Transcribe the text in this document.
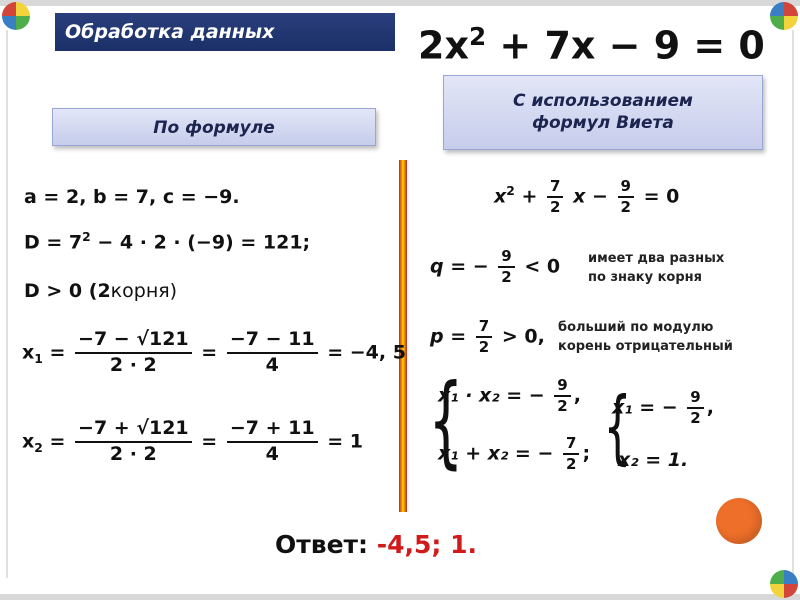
Обработка данных	$2x^2 + 7x - 9 = 0$
По формуле
С использованием
формул Виета
a = 2, b = 7, c = −9.
$D = 7^2 - 4 \cdot 2 \cdot (-9) = 121$;
D > 0 (2корня)
$x_1 = \frac{-7 - √121}{2 \cdot 2} = \frac{-7 - 11}{4} = -4$, 5
$x_2 = \frac{-7 + √121}{2 \cdot 2} = \frac{-7 + 11}{4} = 1$
$x^2 + \frac{7}{2}$ $x - \frac{9}{2} = 0$
q = − $\frac{9}{2} < 0$ имеет два разных
по знаку корня
$p = \frac{7}{2} > 0$, больший по модулю
корень отрицательный
{
x₁ · x₂ = − $\frac{9}{2}$ ,
x₁ + x₂ = − $\frac{7}{2}$ ; {
x₁ = − $\frac{9}{2}$ ,
x₂ = 1.
Ответ: -4,5; 1.
